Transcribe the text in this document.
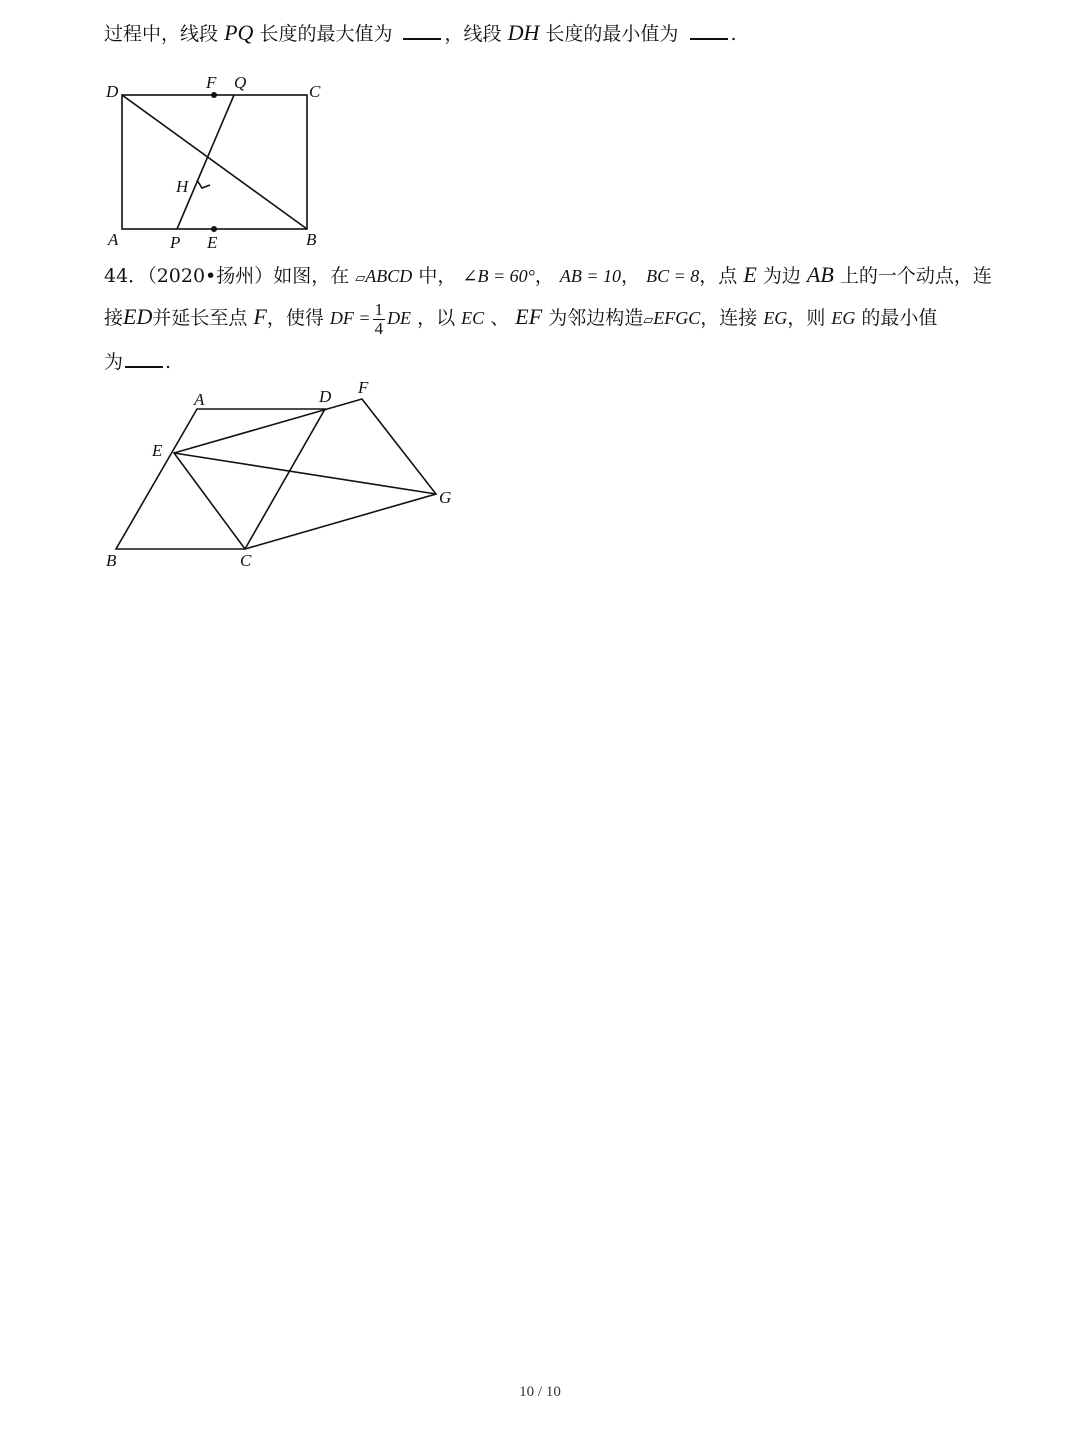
过程中，线段 PQ 长度的最大值为	，线段 DH 长度的最小值为	.
D	F Q	C
H
A	P E	B
44．（2020•扬州）如图，在 ▱ABCD 中， ∠B = 60°， AB = 10， BC = 8，点 E 为边 AB 上的一个动点，连
接ED并延长至点 F，使得 DF = $\frac{1}{4}$ DE ，以 EC 、 EF 为邻边构造▱EFGC，连接 EG，则 EG 的最小值
为 .
A	D F
E
G
B	C
10 / 10
